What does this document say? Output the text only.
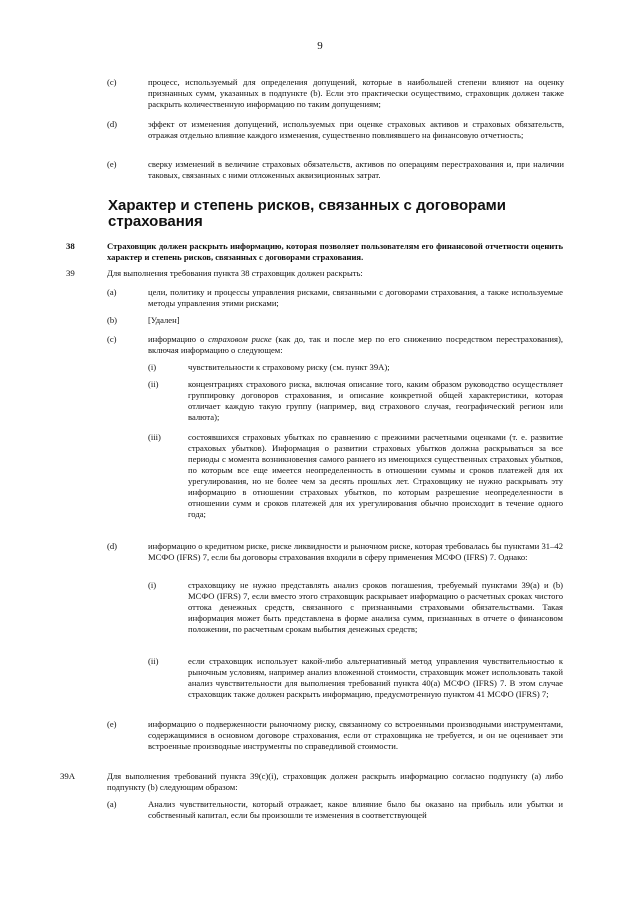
9
(c)	процесс, используемый для определения допущений, которые в наибольшей степени влияют на оценку признанных сумм, указанных в подпункте (b). Если это практически осуществимо, страховщик должен также раскрыть количественную информацию по таким допущениям;
(d)	эффект от изменения допущений, используемых при оценке страховых активов и страховых обязательств, отражая отдельно влияние каждого изменения, существенно повлиявшего на финансовую отчетность;
(e)	сверку изменений в величине страховых обязательств, активов по операциям перестрахования и, при наличии таковых, связанных с ними отложенных аквизиционных затрат.
Характер и степень рисков, связанных с договорами страхования
38	Страховщик должен раскрыть информацию, которая позволяет пользователям его финансовой отчетности оценить характер и степень рисков, связанных с договорами страхования.
39	Для выполнения требования пункта 38 страховщик должен раскрыть:
(a)	цели, политику и процессы управления рисками, связанными с договорами страхования, а также используемые методы управления этими рисками;
(b)	[Удален]
(c)	информацию о страховом риске (как до, так и после мер по его снижению посредством перестрахования), включая информацию о следующем:
(i)	чувствительности к страховому риску (см. пункт 39А);
(ii)	концентрациях страхового риска, включая описание того, каким образом руководство осуществляет группировку договоров страхования, и описание конкретной общей характеристики, которая отличает каждую такую группу (например, вид страхового случая, географический регион или валюта);
(iii)	состоявшихся страховых убытках по сравнению с прежними расчетными оценками (т. е. развитие страховых убытков). Информация о развитии страховых убытков должна раскрываться за все периоды с момента возникновения самого раннего из имеющихся существенных страховых убытков, по которым все еще имеется неопределенность в отношении суммы и сроков платежей для их урегулирования, но не более чем за десять прошлых лет. Страховщику не нужно раскрывать эту информацию в отношении страховых убытков, по которым разрешение неопределенности в отношении сумм и сроков платежей для их урегулирования обычно происходит в течение одного года;
(d)	информацию о кредитном риске, риске ликвидности и рыночном риске, которая требовалась бы пунктами 31–42 МСФО (IFRS) 7, если бы договоры страхования входили в сферу применения МСФО (IFRS) 7. Однако:
(i)	страховщику не нужно представлять анализ сроков погашения, требуемый пунктами 39(а) и (b) МСФО (IFRS) 7, если вместо этого страховщик раскрывает информацию о расчетных сроках чистого оттока денежных средств, связанного с признанными страховыми обязательствами. Такая информация может быть представлена в форме анализа сумм, признанных в отчете о финансовом положении, по расчетным срокам выбытия денежных средств;
(ii)	если страховщик использует какой-либо альтернативный метод управления чувствительностью к рыночным условиям, например анализ вложенной стоимости, страховщик может использовать такой анализ чувствительности для выполнения требований пункта 40(а) МСФО (IFRS) 7. В этом случае страховщик также должен раскрыть информацию, предусмотренную пунктом 41 МСФО (IFRS) 7;
(e)	информацию о подверженности рыночному риску, связанному со встроенными производными инструментами, содержащимися в основном договоре страхования, если от страховщика не требуется, и он не оценивает эти встроенные производные инструменты по справедливой стоимости.
39А	Для выполнения требований пункта 39(с)(i), страховщик должен раскрыть информацию согласно подпункту (а) либо подпункту (b) следующим образом:
(a)	Анализ чувствительности, который отражает, какое влияние было бы оказано на прибыль или убытки и собственный капитал, если бы произошли те изменения в соответствующей
